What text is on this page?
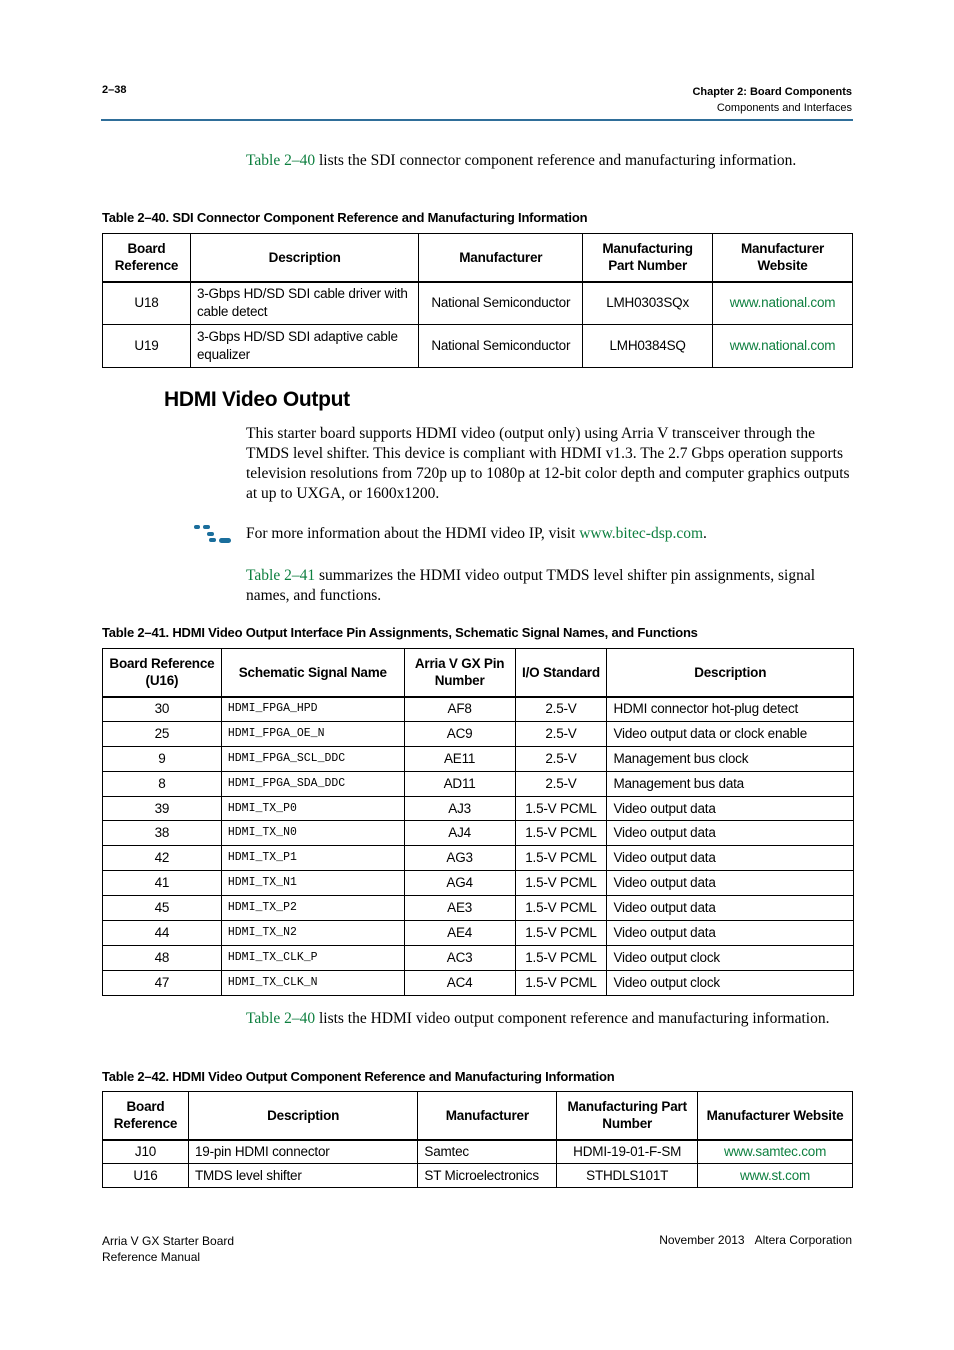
2–38	Chapter 2: Board Components
Components and Interfaces
Table 2–40 lists the SDI connector component reference and manufacturing information.
Table 2–40. SDI Connector Component Reference and Manufacturing Information
Board Reference	Description	Manufacturer	Manufacturing Part Number	Manufacturer Website
U18	3-Gbps HD/SD SDI cable driver with cable detect	National Semiconductor	LMH0303SQx	www.national.com
U19	3-Gbps HD/SD SDI adaptive cable equalizer	National Semiconductor	LMH0384SQ	www.national.com
HDMI Video Output
This starter board supports HDMI video (output only) using Arria V transceiver through the TMDS level shifter. This device is compliant with HDMI v1.3. The 2.7 Gbps operation supports television resolutions from 720p up to 1080p at 12-bit color depth and computer graphics outputs at up to UXGA, or 1600x1200.
For more information about the HDMI video IP, visit www.bitec-dsp.com.
Table 2–41 summarizes the HDMI video output TMDS level shifter pin assignments, signal names, and functions.
Table 2–41. HDMI Video Output Interface Pin Assignments, Schematic Signal Names, and Functions
Board Reference (U16)	Schematic Signal Name	Arria V GX Pin Number	I/O Standard	Description
30	HDMI_FPGA_HPD	AF8	2.5-V	HDMI connector hot-plug detect
25	HDMI_FPGA_OE_N	AC9	2.5-V	Video output data or clock enable
9	HDMI_FPGA_SCL_DDC	AE11	2.5-V	Management bus clock
8	HDMI_FPGA_SDA_DDC	AD11	2.5-V	Management bus data
39	HDMI_TX_P0	AJ3	1.5-V PCML	Video output data
38	HDMI_TX_N0	AJ4	1.5-V PCML	Video output data
42	HDMI_TX_P1	AG3	1.5-V PCML	Video output data
41	HDMI_TX_N1	AG4	1.5-V PCML	Video output data
45	HDMI_TX_P2	AE3	1.5-V PCML	Video output data
44	HDMI_TX_N2	AE4	1.5-V PCML	Video output data
48	HDMI_TX_CLK_P	AC3	1.5-V PCML	Video output clock
47	HDMI_TX_CLK_N	AC4	1.5-V PCML	Video output clock
Table 2–40 lists the HDMI video output component reference and manufacturing information.
Table 2–42. HDMI Video Output Component Reference and Manufacturing Information
Board Reference	Description	Manufacturer	Manufacturing Part Number	Manufacturer Website
J10	19-pin HDMI connector	Samtec	HDMI-19-01-F-SM	www.samtec.com
U16	TMDS level shifter	ST Microelectronics	STHDLS101T	www.st.com
Arria V GX Starter Board
Reference Manual
November 2013 Altera Corporation
